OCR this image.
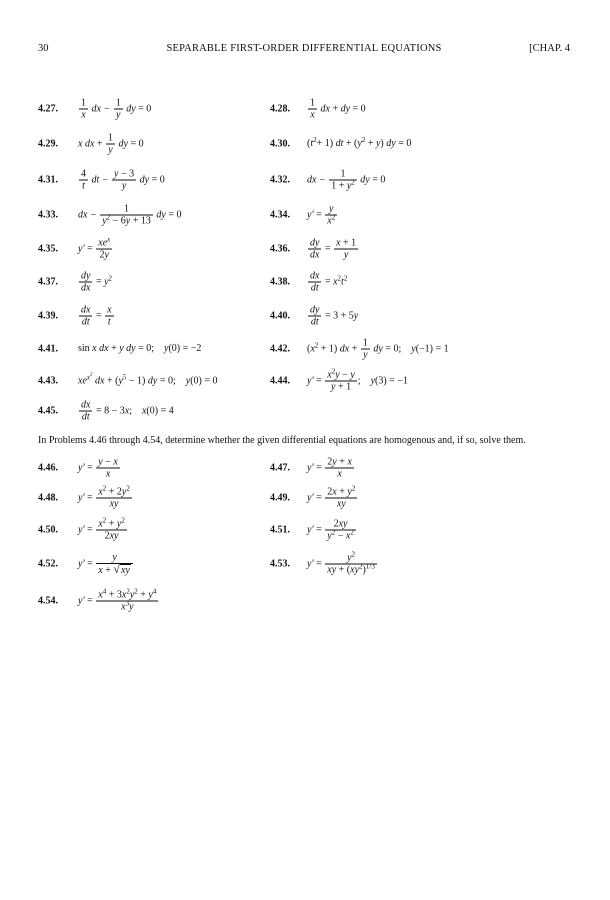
30	SEPARABLE FIRST-ORDER DIFFERENTIAL EQUATIONS	[CHAP. 4
4.27. $\frac{1}{x}$ dx − $\frac{1}{y}$ dy = 0	4.28. $\frac{1}{x}$ dx + dy = 0
4.29. x dx + $\frac{1}{y}$ dy = 0	4.30. $(t^2+ 1)$ dt + $(y^2 + y)$ dy = 0
4.31. $\frac{4}{t}$ dt − $\frac{y - 3}{y}$ dy = 0	4.32. dx − $\frac{1}{1 + y^2}$ dy = 0
4.33. dx − $\frac{1}{y^2 - 6y + 13}$ dy = 0	4.34. $y' = \frac{y}{x^2}$
4.35. $y' = \frac{xe^x}{2y}$	4.36. $\frac{dy}{dx} = \frac{x + 1}{y}$
4.37. $\frac{dy}{dx} = y^2$	4.38. $\frac{dx}{dt} = x^2t^2$
4.39. $\frac{dx}{dt} = \frac{x}{t}$	4.40. $\frac{dy}{dt} = 3 + 5y$
4.41. sin x dx + y dy = 0;    y(0) = −2	4.42. $(x^2 + 1)$ dx + $\frac{1}{y}$ dy = 0;    y(−1) = 1
4.43. $xe^{x^2}$ dx + $(y^5 - 1)$ dy = 0;    y(0) = 0	4.44. $y' = \frac{x^2y - y}{y + 1}$ ;    y(3) = −1
4.45. $\frac{dx}{dt} = 8 - 3x$;    x(0) = 4
In Problems 4.46 through 4.54, determine whether the given differential equations are homogenous and, if so, solve them.
4.46. $y' = \frac{y - x}{x}$	4.47. $y' = \frac{2y + x}{x}$
4.48. $y' = \frac{x^2 + 2y^2}{xy}$	4.49. $y' = \frac{2x + y^2}{xy}$
4.50. $y' = \frac{x^2 + y^2}{2xy}$	4.51. $y' = \frac{2xy}{y^2 - x^2}$
4.52. $y' = \frac{y}{x + √xy}$	4.53. $y' = \frac{y^2}{xy + (xy^2)^{1/3}}$
4.54. $y' = \frac{x^4 + 3x^2y^2 + y^4}{x^3y}$
